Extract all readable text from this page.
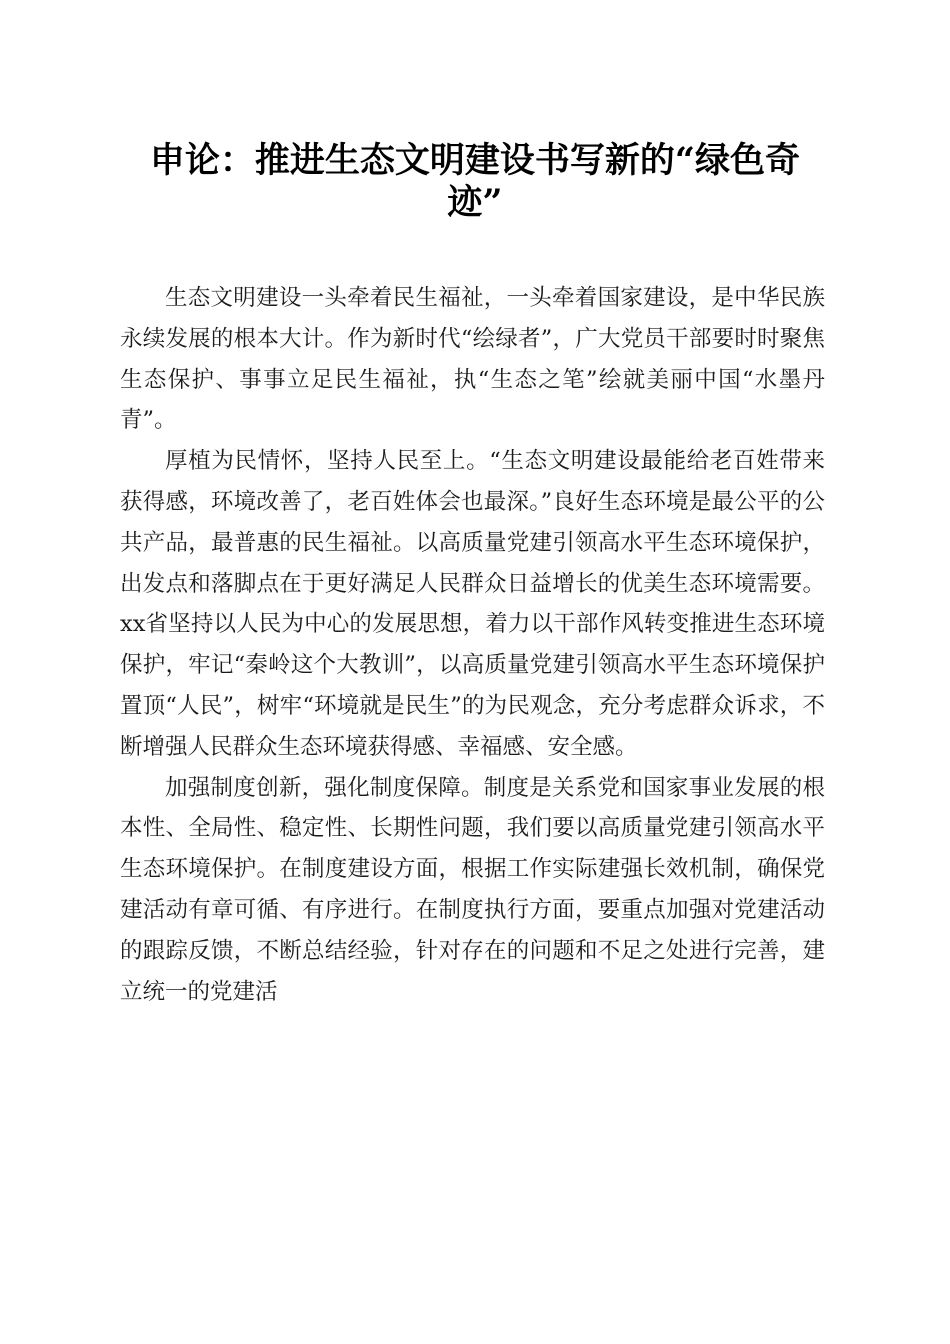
申论：推进生态文明建设书写新的“绿色奇
迹”

生态文明建设一头牵着民生福祉，一头牵着国家建设，是中华民族永续发展的根本大计。作为新时代“绘绿者”，广大党员干部要时时聚焦生态保护、事事立足民生福祉，执“生态之笔”绘就美丽中国“水墨丹青”。

厚植为民情怀，坚持人民至上。“生态文明建设最能给老百姓带来获得感，环境改善了，老百姓体会也最深。”良好生态环境是最公平的公共产品，最普惠的民生福祉。以高质量党建引领高水平生态环境保护，出发点和落脚点在于更好满足人民群众日益增长的优美生态环境需要。xx省坚持以人民为中心的发展思想，着力以干部作风转变推进生态环境保护，牢记“秦岭这个大教训”，以高质量党建引领高水平生态环境保护置顶“人民”，树牢“环境就是民生”的为民观念，充分考虑群众诉求，不断增强人民群众生态环境获得感、幸福感、安全感。

加强制度创新，强化制度保障。制度是关系党和国家事业发展的根本性、全局性、稳定性、长期性问题，我们要以高质量党建引领高水平生态环境保护。在制度建设方面，根据工作实际建强长效机制，确保党建活动有章可循、有序进行。在制度执行方面，要重点加强对党建活动的跟踪反馈，不断总结经验，针对存在的问题和不足之处进行完善，建立统一的党建活
